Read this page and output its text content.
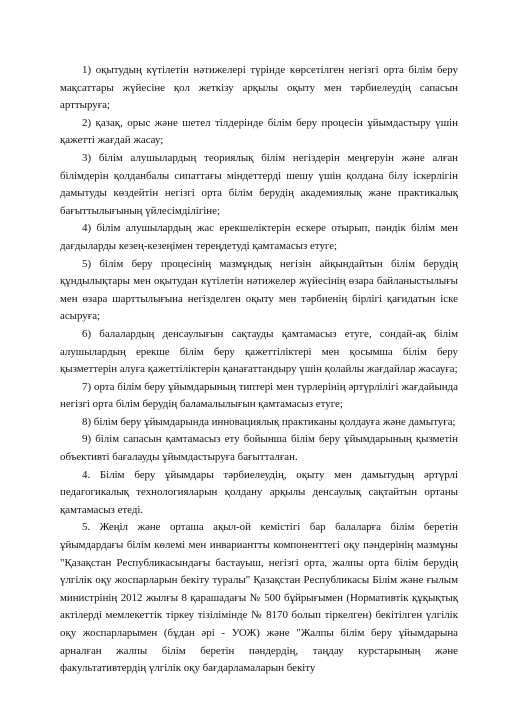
1) оқытудың күтілетін нәтижелері түрінде көрсетілген негізгі орта білім беру мақсаттары жүйесіне қол жеткізу арқылы оқыту мен тәрбиелеудің сапасын арттыруға;

2) қазақ, орыс және шетел тілдерінде білім беру процесін ұйымдастыру үшін қажетті жағдай жасау;

3) білім алушылардың теориялық білім негіздерін меңгеруін және алған білімдерін қолданбалы сипаттағы міндеттерді шешу үшін қолдана білу іскерлігін дамытуды көздейтін негізгі орта білім берудің академиялық және практикалық бағыттылығының үйлесімділігіне;

4) білім алушылардың жас ерекшеліктерін ескере отырып, пәндік білім мен дағдыларды кезең-кезеңімен тереңдетуді қамтамасыз етуге;

5) білім беру процесінің мазмұндық негізін айқындайтын білім берудің құндылықтары мен оқытудан күтілетін нәтижелер жүйесінің өзара байланыстылығы мен өзара шарттылығына негізделген оқыту мен тәрбиенің бірлігі қағидатын іске асыруға;

6) балалардың денсаулығын сақтауды қамтамасыз етуге, сондай-ақ білім алушылардың ерекше білім беру қажеттіліктері мен қосымша білім беру қызметтерін алуға қажеттіліктерін қанағаттандыру үшін қолайлы жағдайлар жасауға;

7) орта білім беру ұйымдарының типтері мен түрлерінің әртүрлілігі жағдайында негізгі орта білім берудің баламалылығын қамтамасыз етуге;

8) білім беру ұйымдарында инновациялық практиканы қолдауға және дамытуға;

9) білім сапасын қамтамасыз ету бойынша білім беру ұйымдарының қызметін объективті бағалауды ұйымдастыруға бағытталған.

4. Білім беру ұйымдары тәрбиелеудің, оқыту мен дамытудың әртүрлі педагогикалық технологияларын қолдану арқылы денсаулық сақтайтын ортаны қамтамасыз етеді.

5. Жеңіл және орташа ақыл-ой кемістігі бар балаларға білім беретін ұйымдардағы білім көлемі мен инвариантты компоненттегі оқу пәндерінің мазмұны "Қазақстан Республикасындағы бастауыш, негізгі орта, жалпы орта білім берудің үлгілік оқу жоспарларын бекіту туралы" Қазақстан Республикасы Білім және ғылым министрінің 2012 жылғы 8 қарашадағы № 500 бұйрығымен (Нормативтік құқықтық актілерді мемлекеттік тіркеу тізілімінде № 8170 болып тіркелген) бекітілген үлгілік оқу жоспарларымен (бұдан әрі - УОЖ) және "Жалпы білім беру ұйымдарына арналған жалпы білім беретін пәндердің, таңдау курстарының және факультативтердің үлгілік оқу бағдарламаларын бекіту
